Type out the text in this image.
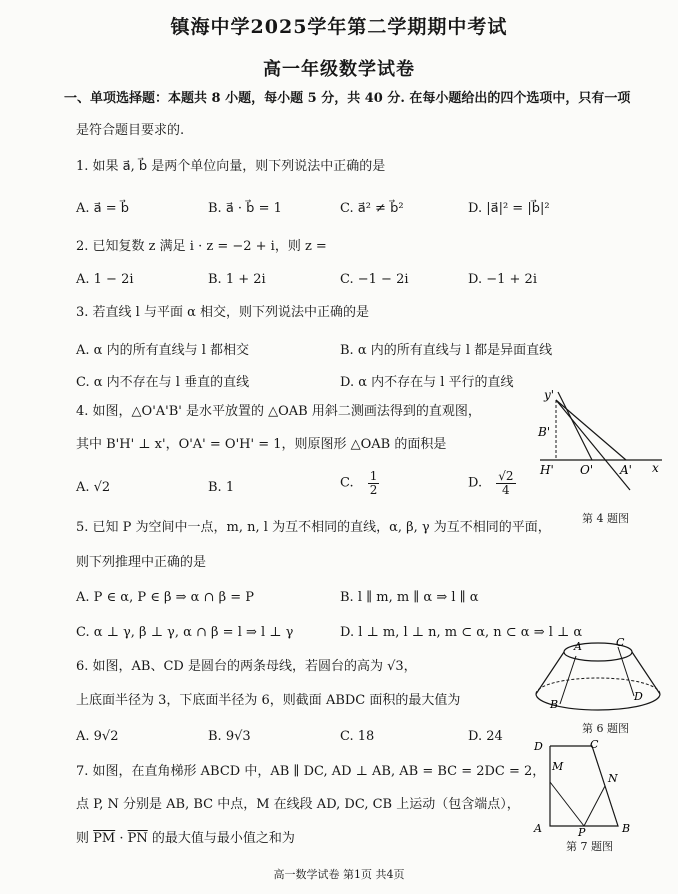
镇海中学2025学年第二学期期中考试
高一年级数学试卷
一、单项选择题：本题共 8 小题，每小题 5 分，共 40 分. 在每小题给出的四个选项中，只有一项
是符合题目要求的.
1. 如果 a⃗, b⃗ 是两个单位向量，则下列说法中正确的是
A. a⃗ = b⃗	B. a⃗ · b⃗ = 1	C. a⃗² ≠ b⃗²	D. |a⃗|² = |b⃗|²
2. 已知复数 z 满足 i · z = −2 + i，则 z =
A. 1 − 2i	B. 1 + 2i	C. −1 − 2i	D. −1 + 2i
3. 若直线 l 与平面 α 相交，则下列说法中正确的是
A. α 内的所有直线与 l 都相交	B. α 内的所有直线与 l 都是异面直线
C. α 内不存在与 l 垂直的直线	D. α 内不存在与 l 平行的直线
4. 如图，△O'A'B' 是水平放置的 △OAB 用斜二测画法得到的直观图，
其中 B'H' ⊥ x'，O'A' = O'H' = 1，则原图形 △OAB 的面积是
A. √2	B. 1	C. $\frac{1}{2}$	D. $\frac{√2}{4}$
y'
B'
H' O' A' x
第 4 题图
5. 已知 P 为空间中一点，m, n, l 为互不相同的直线，α, β, γ 为互不相同的平面，
则下列推理中正确的是
A. P ∈ α, P ∈ β ⇒ α ∩ β = P	B. l ∥ m, m ∥ α ⇒ l ∥ α
C. α ⊥ γ, β ⊥ γ, α ∩ β = l ⇒ l ⊥ γ	D. l ⊥ m, l ⊥ n, m ⊂ α, n ⊂ α ⇒ l ⊥ α
6. 如图，AB、CD 是圆台的两条母线，若圆台的高为 √3，
上底面半径为 3，下底面半径为 6，则截面 ABDC 面积的最大值为
A. 9√2	B. 9√3	C. 18	D. 24
A	C
B
D
第 6 题图
7. 如图，在直角梯形 ABCD 中，AB ∥ DC, AD ⊥ AB, AB = BC = 2DC = 2，
点 P, N 分别是 AB, BC 中点，M 在线段 AD, DC, CB 上运动（包含端点），
则 $\overline{PM} \cdot \overline{PN}$ 的最大值与最小值之和为
D	C
M
N
A	P	B
第 7 题图
高一数学试卷 第1页 共4页
